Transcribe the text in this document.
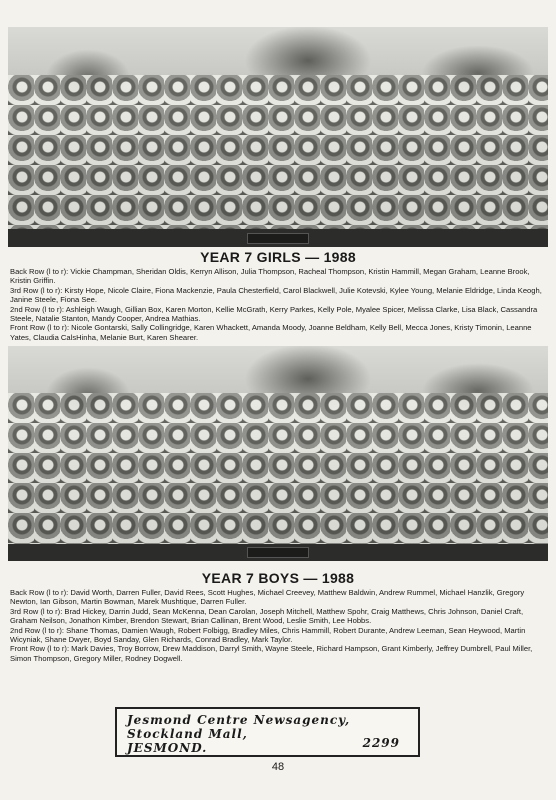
YEAR 7 GIRLS — 1988

Back Row (l to r): Vickie Champman, Sheridan Oldis, Kerryn Allison, Julia Thompson, Racheal Thompson, Kristin Hammill, Megan Graham, Leanne Brook, Kristin Griffin.

3rd Row (l to r): Kirsty Hope, Nicole Claire, Fiona Mackenzie, Paula Chesterfield, Carol Blackwell, Julie Kotevski, Kylee Young, Melanie Eldridge, Linda Keogh, Janine Steele, Fiona See.

2nd Row (l to r): Ashleigh Waugh, Gillian Box, Karen Morton, Kellie McGrath, Kerry Parkes, Kelly Pole, Myalee Spicer, Melissa Clarke, Lisa Black, Cassandra Steele, Natalie Stanton, Mandy Cooper, Andrea Mathias.

Front Row (l to r): Nicole Gontarski, Sally Collingridge, Karen Whackett, Amanda Moody, Joanne Beldham, Kelly Bell, Mecca Jones, Kristy Timonin, Leanne Yates, Claudia CalsHinha, Melanie Burt, Karen Shearer.

YEAR 7 BOYS — 1988

Back Row (l to r): David Worth, Darren Fuller, David Rees, Scott Hughes, Michael Creevey, Matthew Baldwin, Andrew Rummel, Michael Hanzlik, Gregory Newton, Ian Gibson, Martin Bowman, Marek Mushtique, Darren Fuller.

3rd Row (l to r): Brad Hickey, Darrin Judd, Sean McKenna, Dean Carolan, Joseph Mitchell, Matthew Spohr, Craig Matthews, Chris Johnson, Daniel Craft, Graham Neilson, Jonathon Kimber, Brendon Stewart, Brian Callinan, Brent Wood, Leslie Smith, Lee Hobbs.

2nd Row (l to r): Shane Thomas, Damien Waugh, Robert Folbigg, Bradley Miles, Chris Hammill, Robert Durante, Andrew Leeman, Sean Heywood, Martin Wicyniak, Shane Dwyer, Boyd Sanday, Glen Richards, Conrad Bradley, Mark Taylor.

Front Row (l to r): Mark Davies, Troy Borrow, Drew Maddison, Darryl Smith, Wayne Steele, Richard Hampson, Grant Kimberly, Jeffrey Dumbrell, Paul Miller, Simon Thompson, Gregory Miller, Rodney Dogwell.

Jesmond Centre Newsagency,
Stockland Mall,
JESMOND.	2299
48
